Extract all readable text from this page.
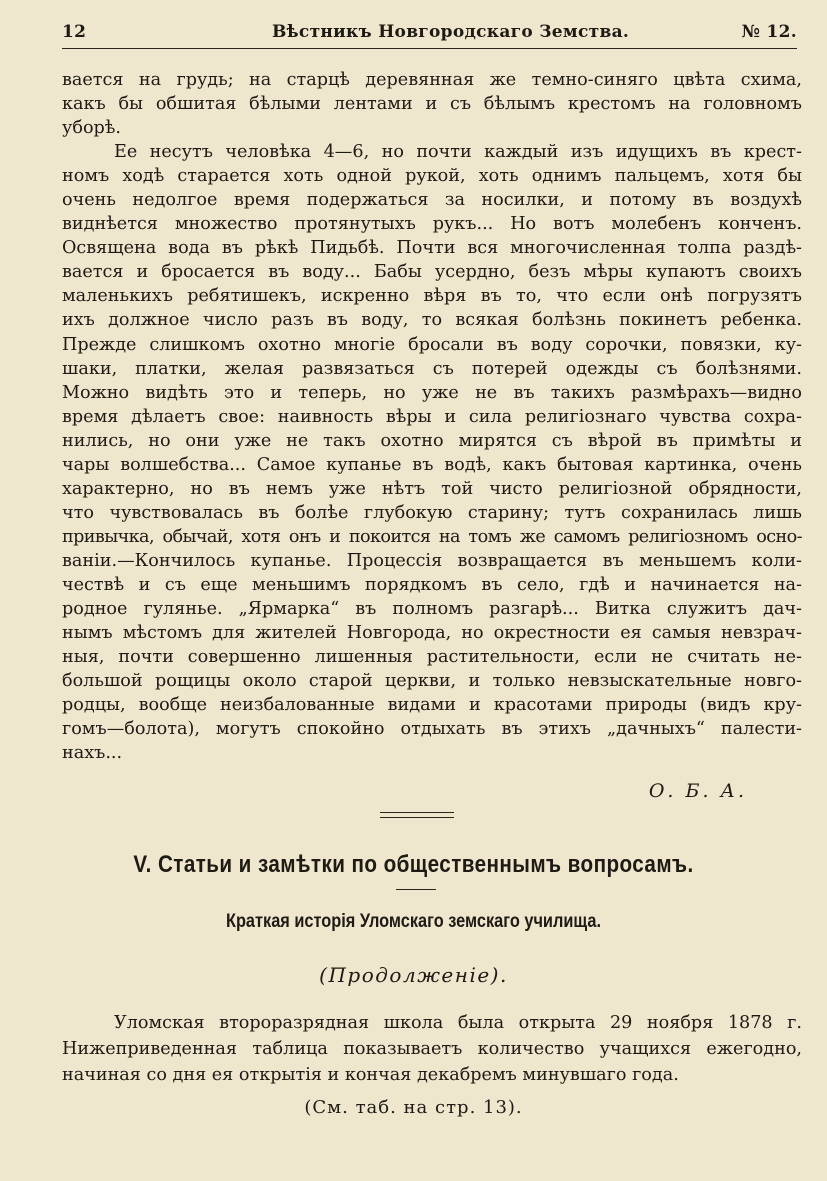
12	Вѣстникъ Новгородскаго Земства.	№ 12.
вается на грудь; на старцѣ деревянная же темно-синяго цвѣта схима,
какъ бы обшитая бѣлыми лентами и съ бѣлымъ крестомъ на головномъ
уборѣ.
Ее несутъ человѣка 4—6, но почти каждый изъ идущихъ въ крест-
номъ ходѣ старается хоть одной рукой, хоть однимъ пальцемъ, хотя бы
очень недолгое время подержаться за носилки, и потому въ воздухѣ
виднѣется множество протянутыхъ рукъ... Но вотъ молебенъ конченъ.
Освящена вода въ рѣкѣ Пидьбѣ. Почти вся многочисленная толпа раздѣ-
вается и бросается въ воду... Бабы усердно, безъ мѣры купаютъ своихъ
маленькихъ ребятишекъ, искренно вѣря въ то, что если онѣ погрузятъ
ихъ должное число разъ въ воду, то всякая болѣзнь покинетъ ребенка.
Прежде слишкомъ охотно многіе бросали въ воду сорочки, повязки, ку-
шаки, платки, желая развязаться съ потерей одежды съ болѣзнями.
Можно видѣть это и теперь, но уже не въ такихъ размѣрахъ—видно
время дѣлаетъ свое: наивность вѣры и сила религіознаго чувства сохра-
нились, но они уже не такъ охотно мирятся съ вѣрой въ примѣты и
чары волшебства... Самое купанье въ водѣ, какъ бытовая картинка, очень
характерно, но въ немъ уже нѣтъ той чисто религіозной обрядности,
что чувствовалась въ болѣе глубокую старину; тутъ сохранилась лишь
привычка, обычай, хотя онъ и покоится на томъ же самомъ религіозномъ осно-
ваніи.—Кончилось купанье. Процессія возвращается въ меньшемъ коли-
чествѣ и съ еще меньшимъ порядкомъ въ село, гдѣ и начинается на-
родное гулянье. „Ярмарка“ въ полномъ разгарѣ... Витка служитъ дач-
нымъ мѣстомъ для жителей Новгорода, но окрестности ея самыя невзрач-
ныя, почти совершенно лишенныя растительности, если не считать не-
большой рощицы около старой церкви, и только невзыскательные новго-
родцы, вообще неизбалованные видами и красотами природы (видъ кру-
гомъ—болота), могутъ спокойно отдыхать въ этихъ „дачныхъ“ палести-
нахъ...
О. Б. А.
V. Статьи и замѣтки по общественнымъ вопросамъ.
Краткая исторія Уломскаго земскаго училища.
(Продолженіе).
Уломская второразрядная школа была открыта 29 ноября 1878 г.
Нижеприведенная таблица показываетъ количество учащихся ежегодно,
начиная со дня ея открытія и кончая декабремъ минувшаго года.
(См. таб. на стр. 13).
